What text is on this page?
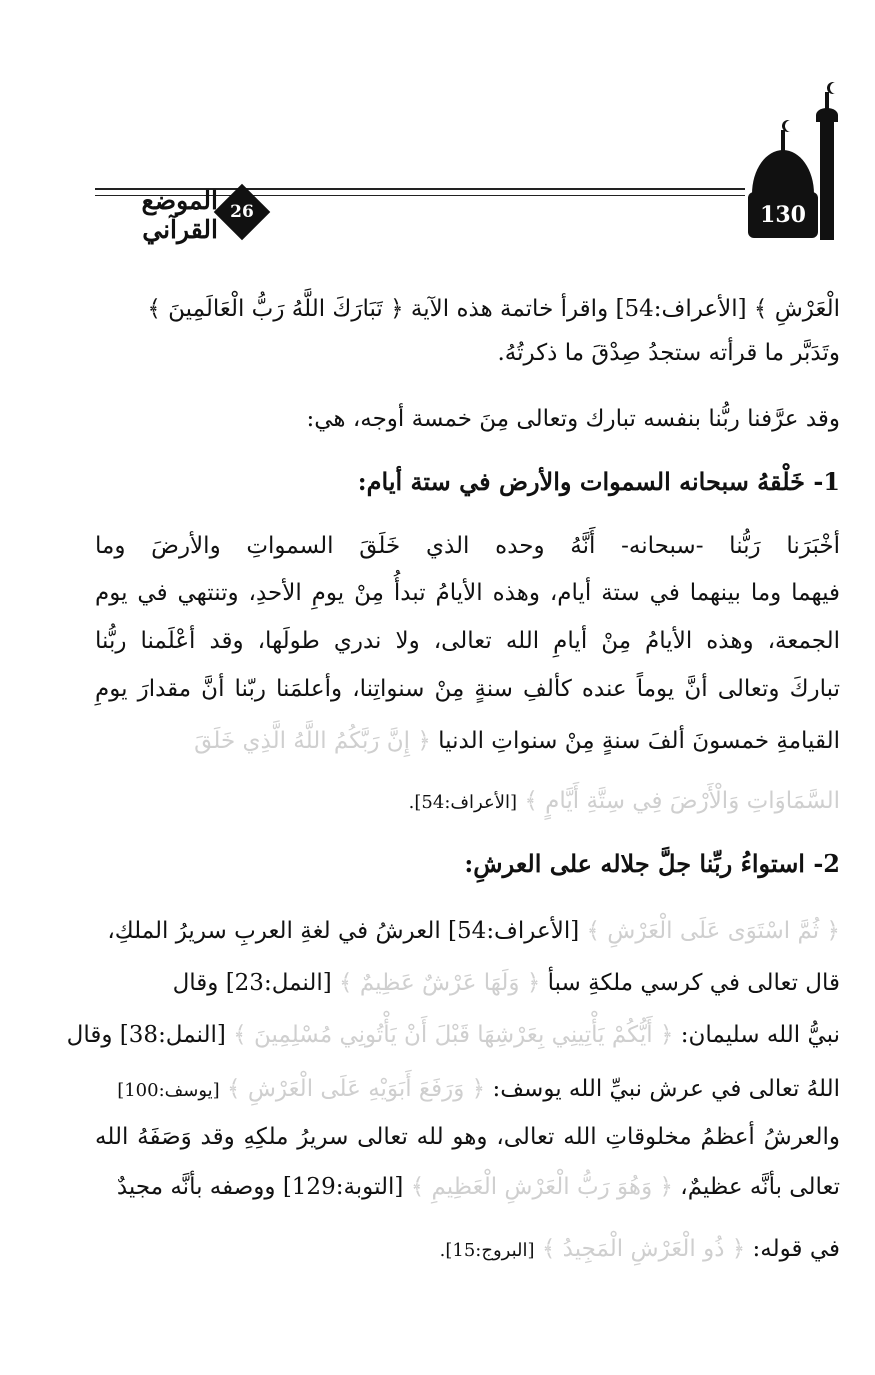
130
26
الموضع القرآني
الْعَرْشِ ﴾ [الأعراف:54] واقرأ خاتمة هذه الآية ﴿ تَبَارَكَ اللَّهُ رَبُّ الْعَالَمِينَ ﴾
وتَدَبَّر ما قرأته ستجدُ صِدْقَ ما ذكرتُهُ.
وقد عرَّفنا ربُّنا بنفسه تبارك وتعالى مِنَ خمسة أوجه، هي:
1- خَلْقهُ سبحانه السموات والأرض في ستة أيام:
أخْبَرَنا رَبُّنا -سبحانه- أَنَّهُ وحده الذي خَلَقَ السمواتِ والأرضَ وما
فيهما وما بينهما في ستة أيام، وهذه الأيامُ تبدأُ مِنْ يومِ الأحدِ، وتنتهي في يوم
الجمعة، وهذه الأيامُ مِنْ أيامِ الله تعالى، ولا ندري طولَها، وقد أعْلَمنا ربُّنا
تباركَ وتعالى أنَّ يوماً عنده كألفِ سنةٍ مِنْ سنواتِنا، وأعلمَنا ربّنا أنَّ مقدارَ يومِ
القيامةِ خمسونَ ألفَ سنةٍ مِنْ سنواتِ الدنيا ﴿ إِنَّ رَبَّكُمُ اللَّهُ الَّذِي خَلَقَ
السَّمَاوَاتِ وَالْأَرْضَ فِي سِتَّةِ أَيَّامٍ ﴾ [الأعراف:54].
2- استواءُ ربِّنا جلَّ جلاله على العرشِ:
﴿ ثُمَّ اسْتَوَى عَلَى الْعَرْشِ ﴾ [الأعراف:54] العرشُ في لغةِ العربِ سريرُ الملكِ،
قال تعالى في كرسي ملكةِ سبأ ﴿ وَلَهَا عَرْشٌ عَظِيمٌ ﴾ [النمل:23] وقال
نبيُّ الله سليمان: ﴿ أَيُّكُمْ يَأْتِينِي بِعَرْشِهَا قَبْلَ أَنْ يَأْتُونِي مُسْلِمِينَ ﴾ [النمل:38] وقال
اللهُ تعالى في عرش نبيِّ الله يوسف: ﴿ وَرَفَعَ أَبَوَيْهِ عَلَى الْعَرْشِ ﴾ [يوسف:100]
والعرشُ أعظمُ مخلوقاتِ الله تعالى، وهو لله تعالى سريرُ ملكِهِ وقد وَصَفَهُ الله
تعالى بأنَّه عظيمٌ، ﴿ وَهُوَ رَبُّ الْعَرْشِ الْعَظِيمِ ﴾ [التوبة:129] ووصفه بأنَّه مجيدٌ
في قوله: ﴿ ذُو الْعَرْشِ الْمَجِيدُ ﴾ [البروج:15].
